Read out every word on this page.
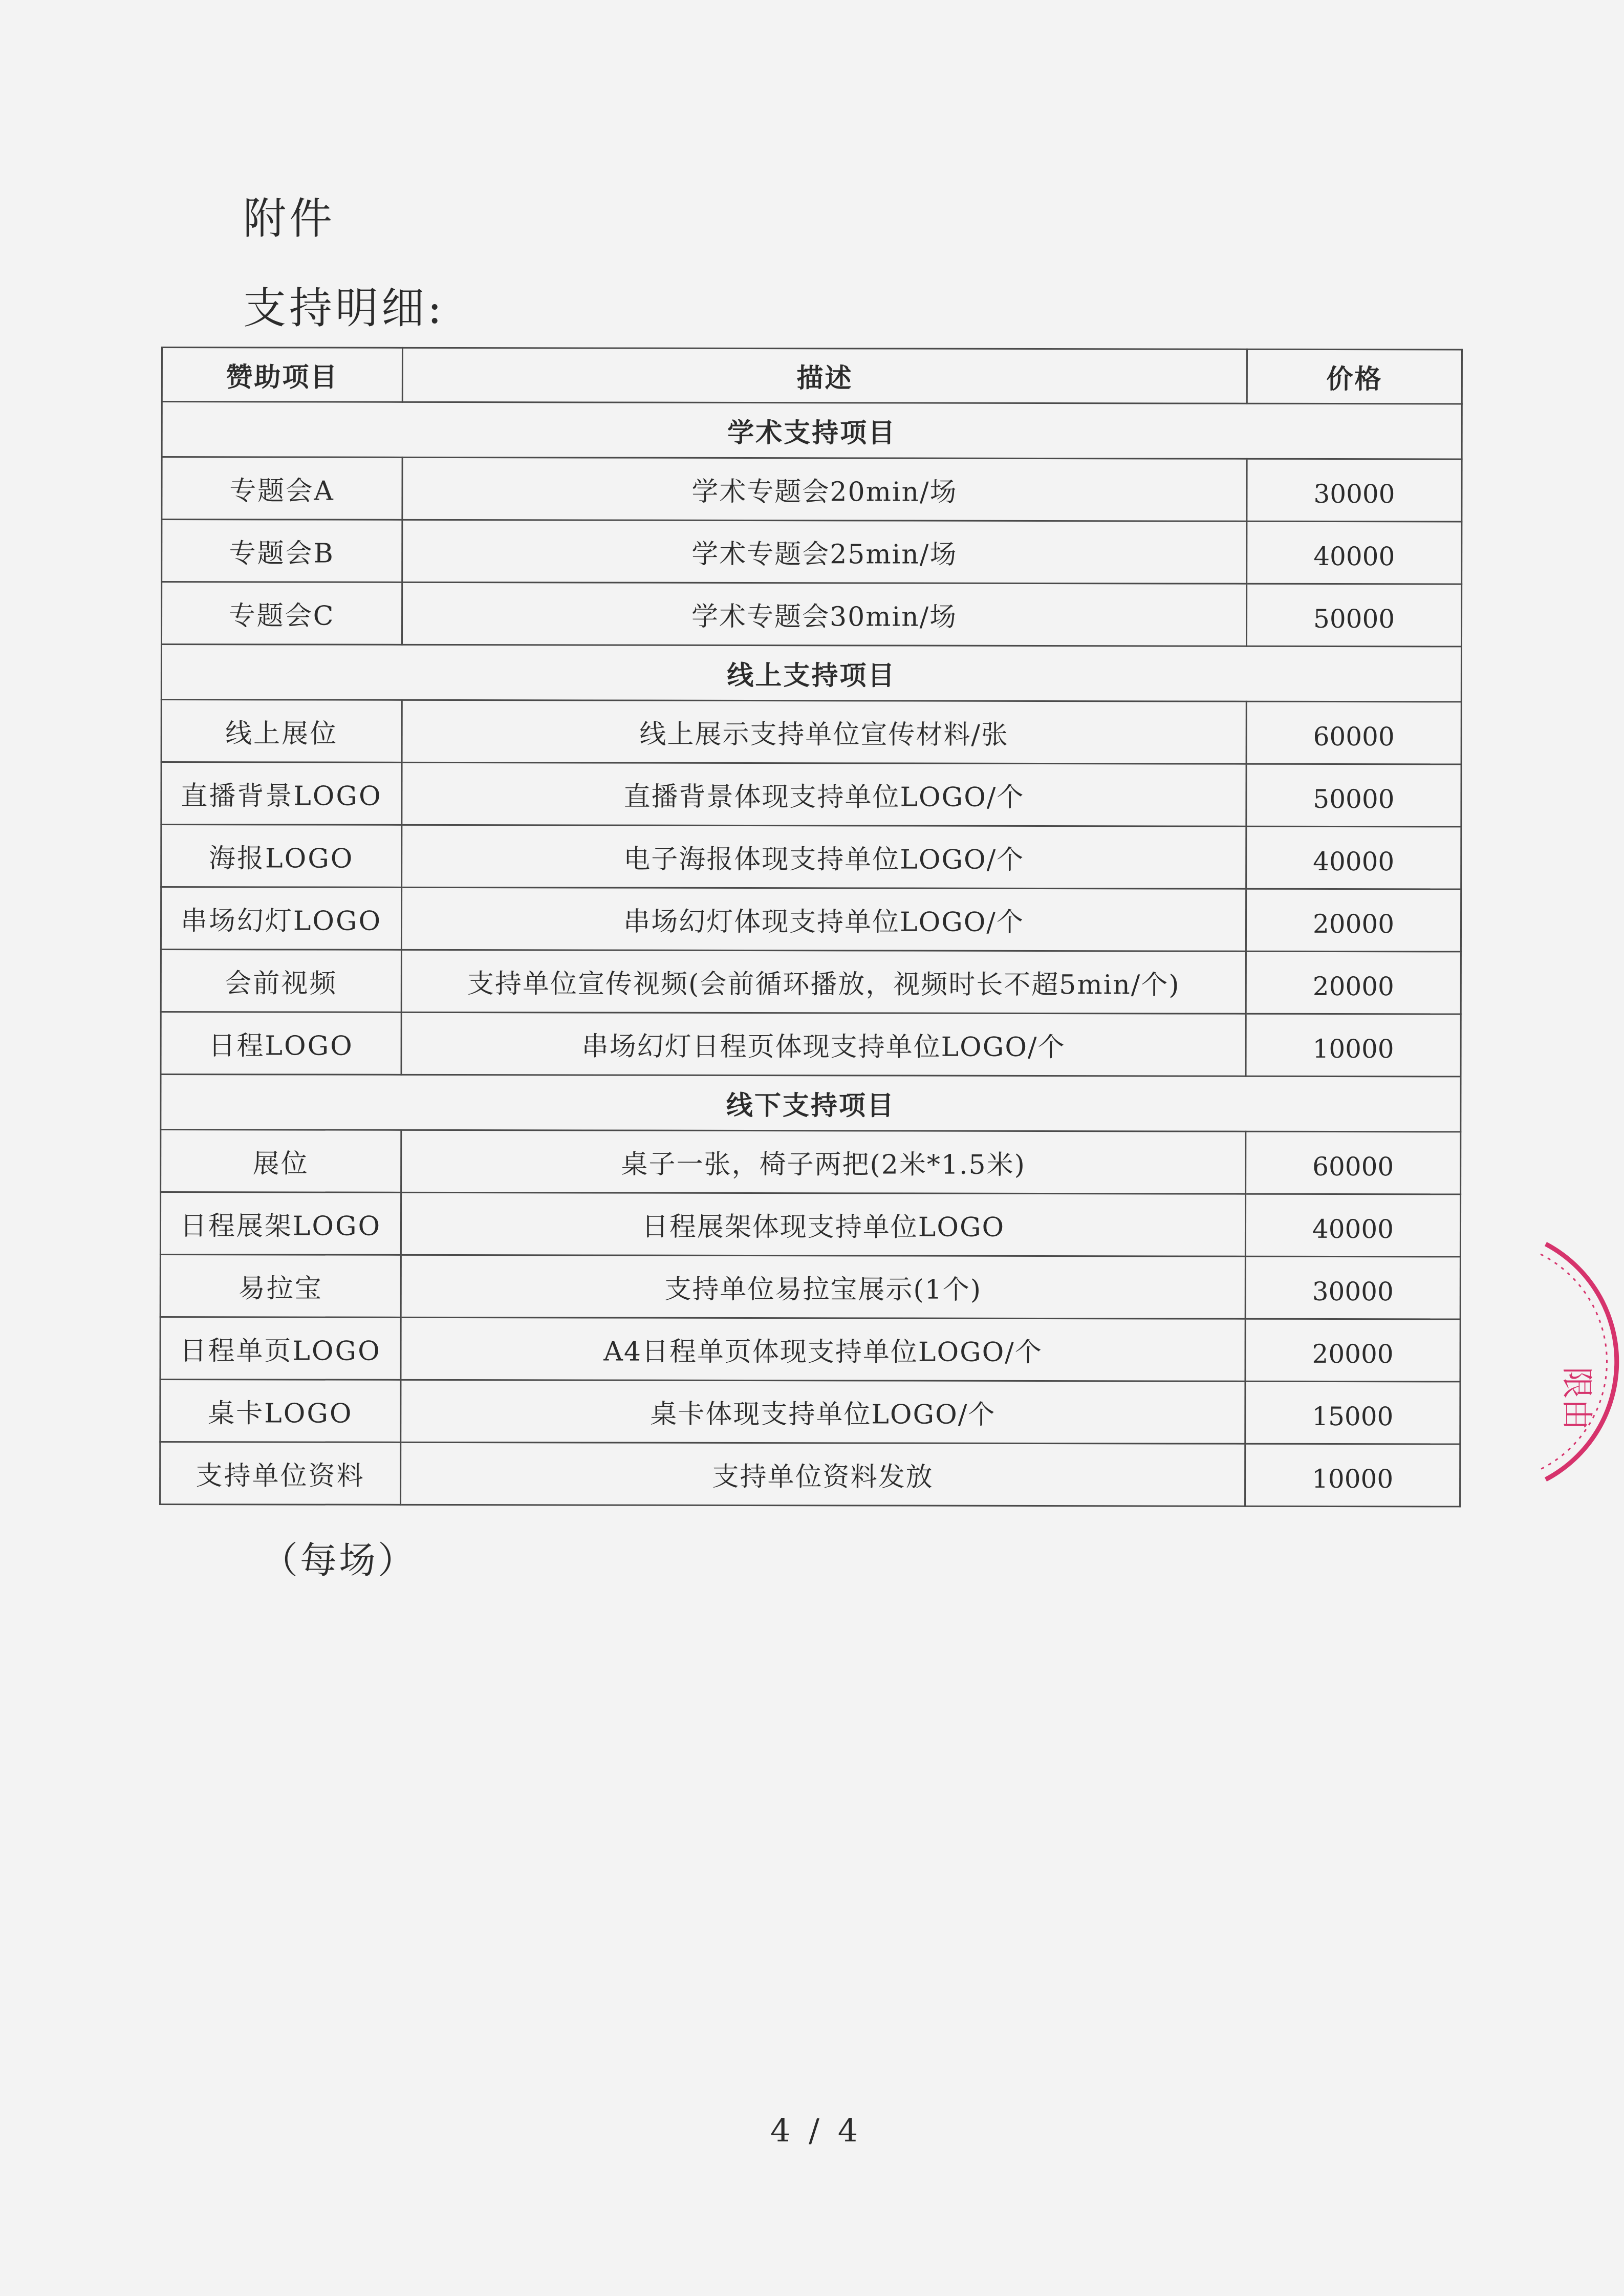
附件
支持明细:
赞助项目	描述	价格
学术支持项目		
专题会A	学术专题会20min/场	30000
专题会B	学术专题会25min/场	40000
专题会C	学术专题会30min/场	50000
线上支持项目		
线上展位	线上展示支持单位宣传材料/张	60000
直播背景LOGO	直播背景体现支持单位LOGO/个	50000
海报LOGO	电子海报体现支持单位LOGO/个	40000
串场幻灯LOGO	串场幻灯体现支持单位LOGO/个	20000
会前视频	支持单位宣传视频(会前循环播放，视频时长不超5min/个)	20000
日程LOGO	串场幻灯日程页体现支持单位LOGO/个	10000
线下支持项目		
展位	桌子一张，椅子两把(2米*1.5米)	60000
日程展架LOGO	日程展架体现支持单位LOGO	40000
易拉宝	支持单位易拉宝展示(1个)	30000
日程单页LOGO	A4日程单页体现支持单位LOGO/个	20000
桌卡LOGO	桌卡体现支持单位LOGO/个	15000
支持单位资料	支持单位资料发放	10000

（每场）

4 / 4
限由
